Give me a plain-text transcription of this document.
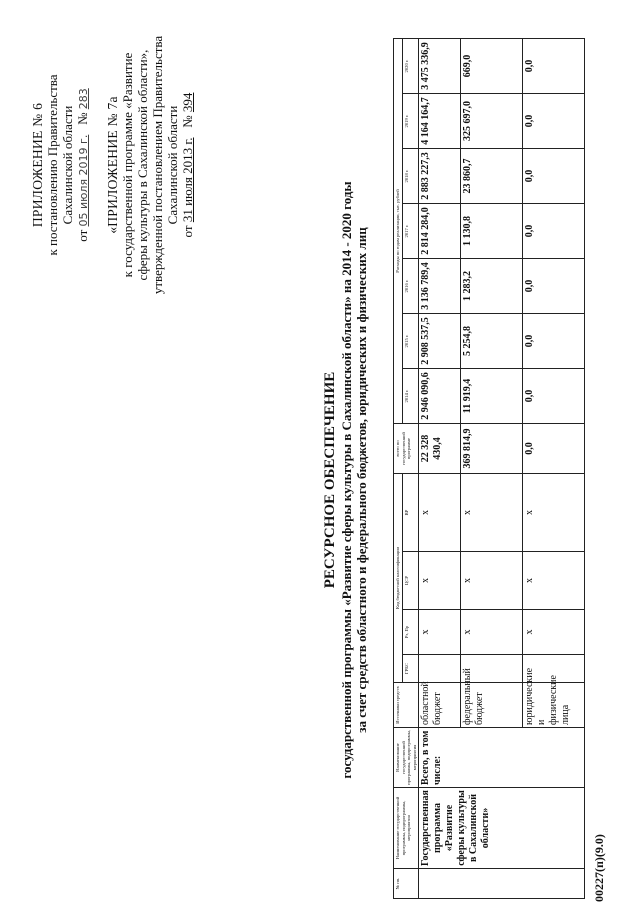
ПРИЛОЖЕНИЕ № 6 к постановлению Правительства Сахалинской области

от 05 июля 2019 г.   № 283 «ПРИЛОЖЕНИЕ № 7а к государственной программе «Развитие сферы культуры в Сахалинской области», утвержденной постановлением Правительства Сахалинской области

от 31 июля 2013 г.   № 394

РЕСУРСНОЕ ОБЕСПЕЧЕНИЕ государственной программы «Развитие сферы культуры в Сахалинской области» на 2014 - 2020 годы за счет средств областного и федерального бюджетов, юридических и физических лиц

№ пп.	Наименование государственной программы, подпрограммы, мероприятия	Наименование государственной программы, подпрограммы, мероприятия	Источники средств	Код бюджетной классификации				всего по государственной программе	Расходы по годам реализации, тыс. рублей						
				ГРБС	Рз, Пр	ЦСР	ВР		2014 г.	2015 г.	2016 г.	2017 г.	2018 г.	2019 г.	2020 г.

	Государственная программа «Развитие сферы культуры в Сахалинской области»	Всего, в том числе:	областной бюджет		x	x	x	22 328 430,4	2 946 090,6	2 908 537,5	3 136 789,4	2 814 284,0	2 883 227,3	4 164 164,7	3 475 336,9
			федеральный бюджет		x	x	x	369 814,9	11 919,4	5 254,8	1 283,2	1 130,8	23 860,7	325 697,0	669,0
			юридические и физические лица		x	x	x	0,0	0,0	0,0	0,0	0,0	0,0	0,0	0,0
00227(п)(9.0)
